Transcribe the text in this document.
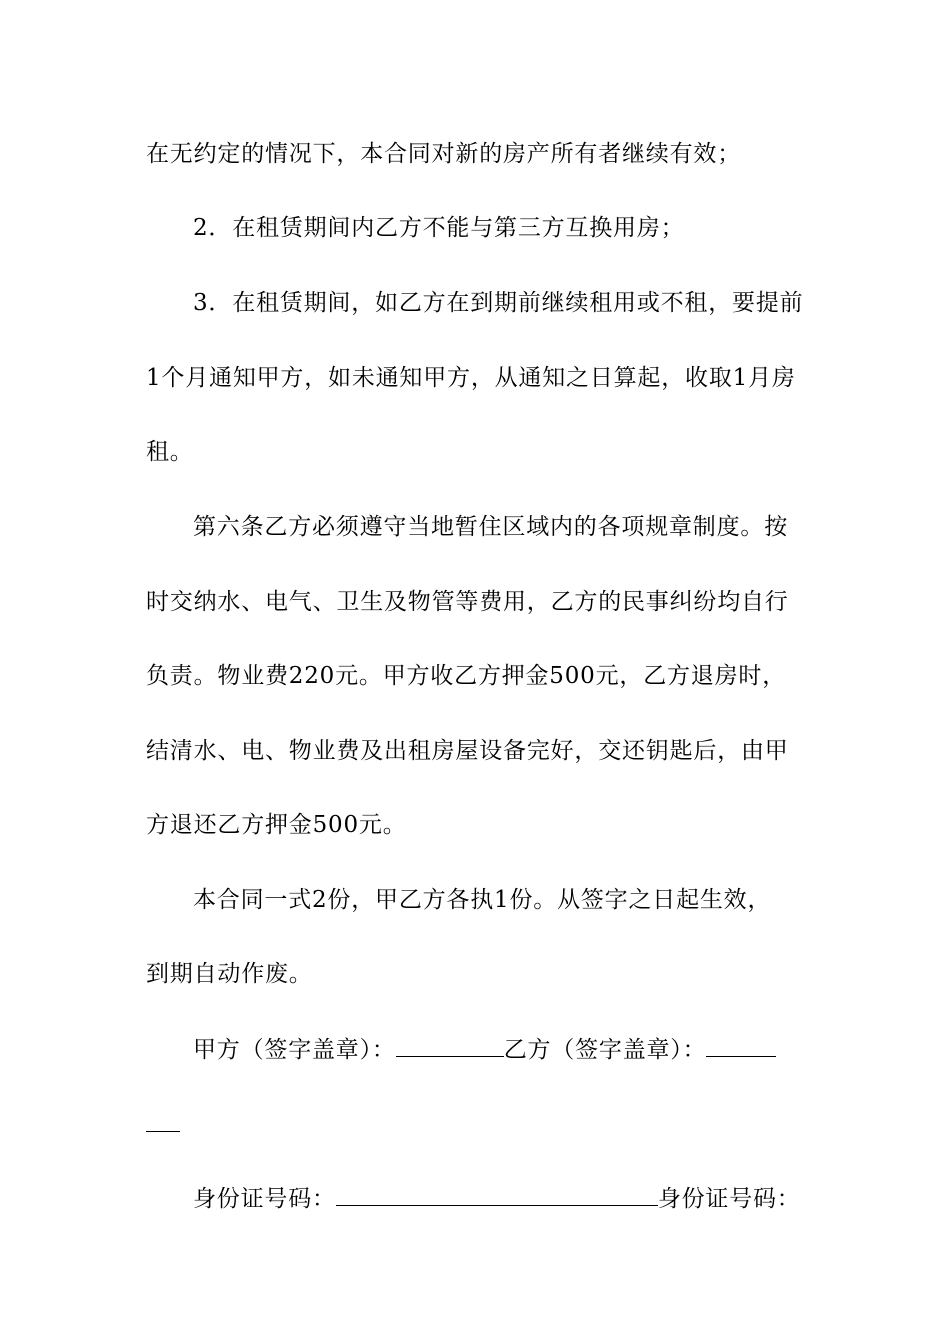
在无约定的情况下，本合同对新的房产所有者继续有效；
2．在租赁期间内乙方不能与第三方互换用房；
3．在租赁期间，如乙方在到期前继续租用或不租，要提前
1个月通知甲方，如未通知甲方，从通知之日算起，收取1月房
租。
第六条乙方必须遵守当地暂住区域内的各项规章制度。按
时交纳水、电气、卫生及物管等费用，乙方的民事纠纷均自行
负责。物业费220元。甲方收乙方押金500元，乙方退房时，
结清水、电、物业费及出租房屋设备完好，交还钥匙后，由甲
方退还乙方押金500元。
本合同一式2份，甲乙方各执1份。从签字之日起生效，
到期自动作废。
甲方（签字盖章）：	乙方（签字盖章）：
身份证号码：	身份证号码：
